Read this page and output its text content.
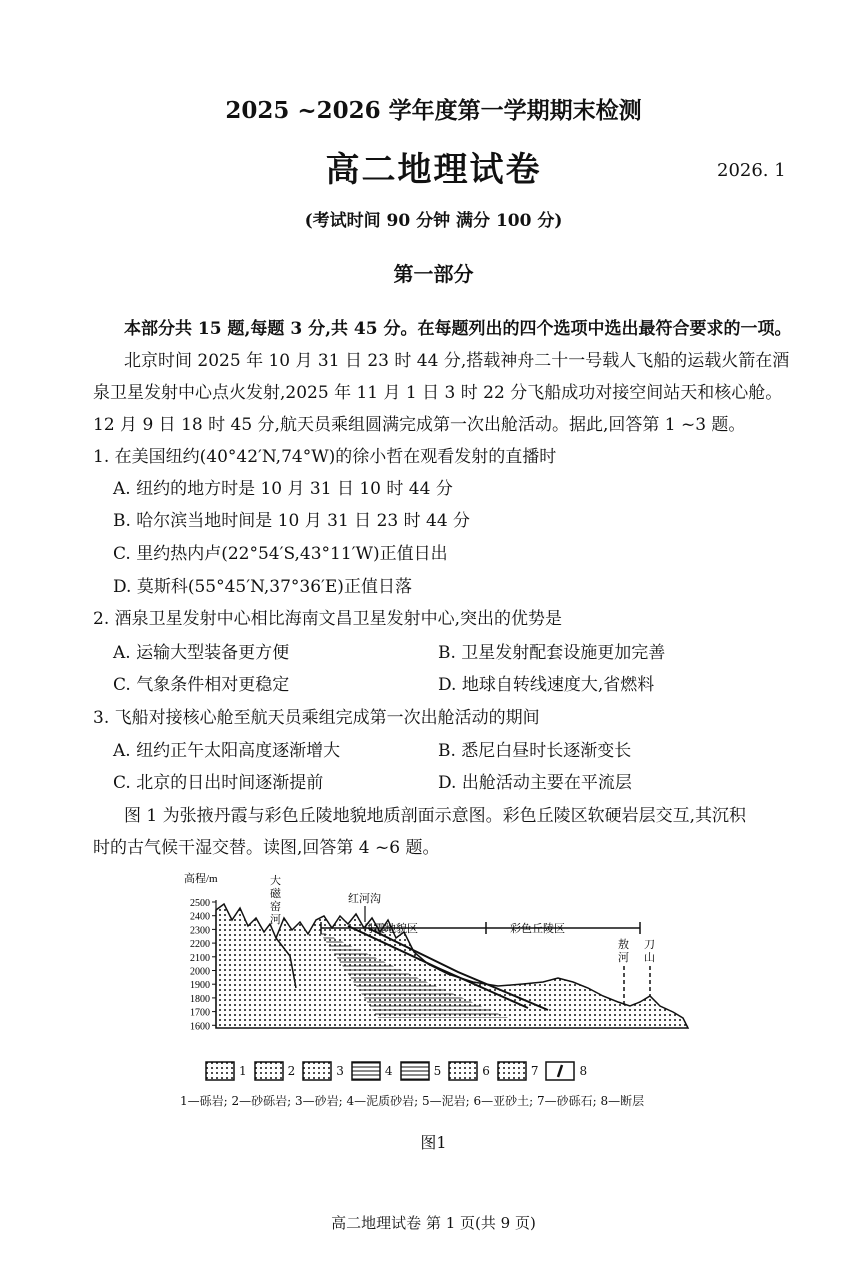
2025 ~2026 学年度第一学期期末检测
高二地理试卷	2026. 1
(考试时间 90 分钟 满分 100 分)
第一部分
本部分共 15 题,每题 3 分,共 45 分。在每题列出的四个选项中选出最符合要求的一项。
北京时间 2025 年 10 月 31 日 23 时 44 分,搭载神舟二十一号载人飞船的运载火箭在酒
泉卫星发射中心点火发射,2025 年 11 月 1 日 3 时 22 分飞船成功对接空间站天和核心舱。
12 月 9 日 18 时 45 分,航天员乘组圆满完成第一次出舱活动。据此,回答第 1 ~3 题。
1. 在美国纽约(40°42′N,74°W)的徐小哲在观看发射的直播时
A. 纽约的地方时是 10 月 31 日 10 时 44 分
B. 哈尔滨当地时间是 10 月 31 日 23 时 44 分
C. 里约热内卢(22°54′S,43°11′W)正值日出
D. 莫斯科(55°45′N,37°36′E)正值日落
2. 酒泉卫星发射中心相比海南文昌卫星发射中心,突出的优势是
A. 运输大型装备更方便	B. 卫星发射配套设施更加完善
C. 气象条件相对更稳定	D. 地球自转线速度大,省燃料
3. 飞船对接核心舱至航天员乘组完成第一次出舱活动的期间
A. 纽约正午太阳高度逐渐增大	B. 悉尼白昼时长逐渐变长
C. 北京的日出时间逐渐提前	D. 出舱活动主要在平流层
图 1 为张掖丹霞与彩色丘陵地貌地质剖面示意图。彩色丘陵区软硬岩层交互,其沉积
时的古气候干湿交替。读图,回答第 4 ~6 题。
高程/m
2500
2400
2300
2200
2100
2000
1900
1800
1700
1600
丹霞地貌区	彩色丘陵区
红河沟
大
磁
窑
河
敖
河
刀
山
1	2	3	4	5	6	7	8
1—砾岩; 2—砂砾岩; 3—砂岩; 4—泥质砂岩; 5—泥岩; 6—亚砂土; 7—砂砾石; 8—断层
图1
高二地理试卷 第 1 页(共 9 页)
